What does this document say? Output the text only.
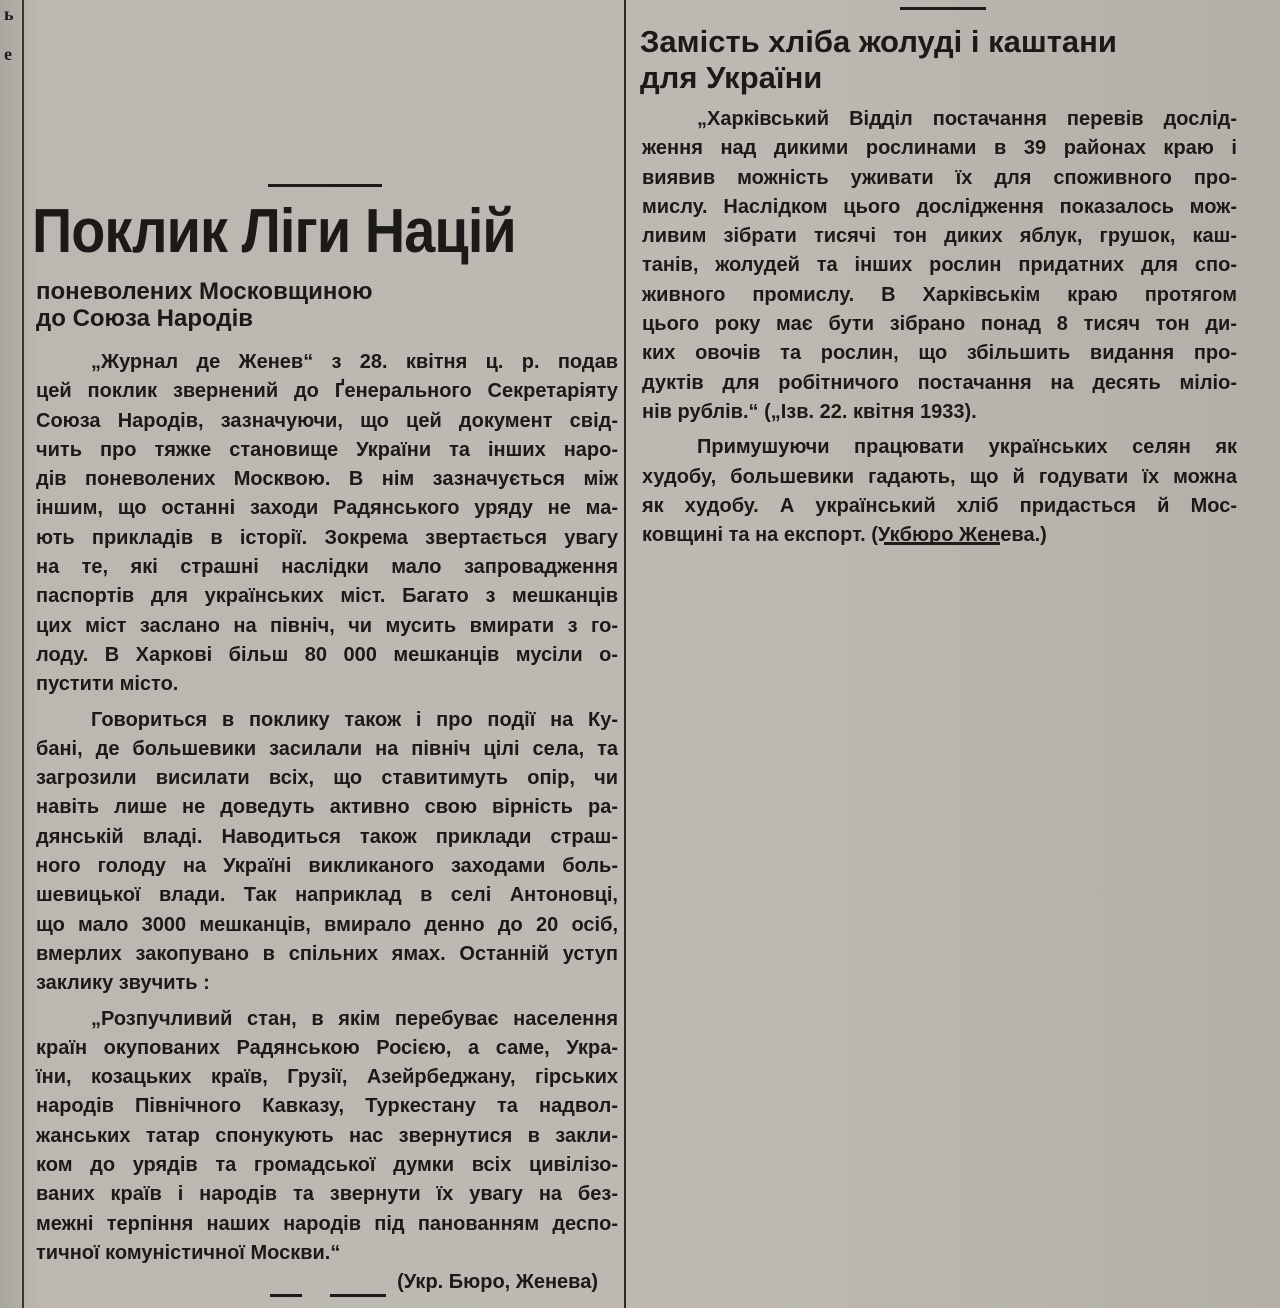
ь
е
Поклик Ліги Націй
поневолених Московщиною
до Союза Народів
„Журнал де Женев“ з 28. квітня ц. р. подав
цей поклик звернений до Ґенерального Секретаріяту
Союза Народів, зазначуючи, що цей документ свід-
чить про тяжке становище України та інших наро-
дів поневолених Москвою. В нім зазначується між
іншим, що останні заходи Радянського уряду не ма-
ють прикладів в історії. Зокрема звертається увагу
на те, які страшні наслідки мало запровадження
паспортів для українських міст. Багато з мешканців
цих міст заслано на північ, чи мусить вмирати з го-
лоду. В Харкові більш 80 000 мешканців мусіли о-
пустити місто.
Говориться в поклику також і про події на Ку-
бані, де большевики засилали на північ цілі села, та
загрозили висилати всіх, що ставитимуть опір, чи
навіть лише не доведуть активно свою вірність ра-
дянській владі. Наводиться також приклади страш-
ного голоду на Україні викликаного заходами боль-
шевицької влади. Так наприклад в селі Антоновці,
що мало 3000 мешканців, вмирало денно до 20 осіб,
вмерлих закопувано в спільних ямах. Останній уступ
заклику звучить :
„Розпучливий стан, в якім перебуває населення
країн окупованих Радянською Росією, а саме, Укра-
їни, козацьких країв, Грузії, Азейрбеджану, гірських
народів Північного Кавказу, Туркестану та надвол-
жанських татар спонукують нас звернутися в закли-
ком до урядів та громадської думки всіх цивілізо-
ваних країв і народів та звернути їх увагу на без-
межні терпіння наших народів під панованням деспо-
тичної комуністичної Москви.“
(Укр. Бюро, Женева)
Замість хліба жолуді і каштани
для України
„Харківський Відділ постачання перевів дослід-
ження над дикими рослинами в 39 районах краю і
виявив можність уживати їх для споживного про-
мислу. Наслідком цього дослідження показалось мож-
ливим зібрати тисячі тон диких яблук, грушок, каш-
танів, жолудей та інших рослин придатних для спо-
живного промислу. В Харківськім краю протягом
цього року має бути зібрано понад 8 тисяч тон ди-
ких овочів та рослин, що збільшить видання про-
дуктів для робітничого постачання на десять міліо-
нів рублів.“ („Ізв. 22. квітня 1933).
Примушуючи працювати українських селян як
худобу, большевики гадають, що й годувати їх можна
як худобу. А український хліб придасться й Мос-
ковщині та на експорт. (Укбюро Женева.)
